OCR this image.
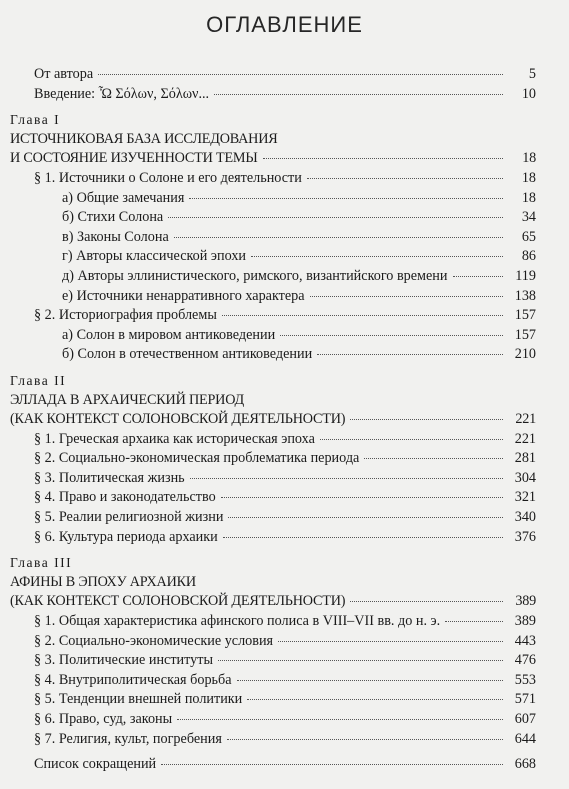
ОГЛАВЛЕНИЕ
От автора	5
Введение: Ὦ Σόλων, Σόλων...	10
Глава I
ИСТОЧНИКОВАЯ БАЗА ИССЛЕДОВАНИЯ
И СОСТОЯНИЕ ИЗУЧЕННОСТИ ТЕМЫ	18
§ 1. Источники о Солоне и его деятельности	18
а) Общие замечания	18
б) Стихи Солона	34
в) Законы Солона	65
г) Авторы классической эпохи	86
д) Авторы эллинистического, римского, византийского времени	119
е) Источники ненарративного характера	138
§ 2. Историография проблемы	157
а) Солон в мировом антиковедении	157
б) Солон в отечественном антиковедении	210
Глава II
ЭЛЛАДА В АРХАИЧЕСКИЙ ПЕРИОД
(КАК КОНТЕКСТ СОЛОНОВСКОЙ ДЕЯТЕЛЬНОСТИ)	221
§ 1. Греческая архаика как историческая эпоха	221
§ 2. Социально-экономическая проблематика периода	281
§ 3. Политическая жизнь	304
§ 4. Право и законодательство	321
§ 5. Реалии религиозной жизни	340
§ 6. Культура периода архаики	376
Глава III
АФИНЫ В ЭПОХУ АРХАИКИ
(КАК КОНТЕКСТ СОЛОНОВСКОЙ ДЕЯТЕЛЬНОСТИ)	389
§ 1. Общая характеристика афинского полиса в VIII–VII вв. до н. э.	389
§ 2. Социально-экономические условия	443
§ 3. Политические институты	476
§ 4. Внутриполитическая борьба	553
§ 5. Тенденции внешней политики	571
§ 6. Право, суд, законы	607
§ 7. Религия, культ, погребения	644
Список сокращений	668
